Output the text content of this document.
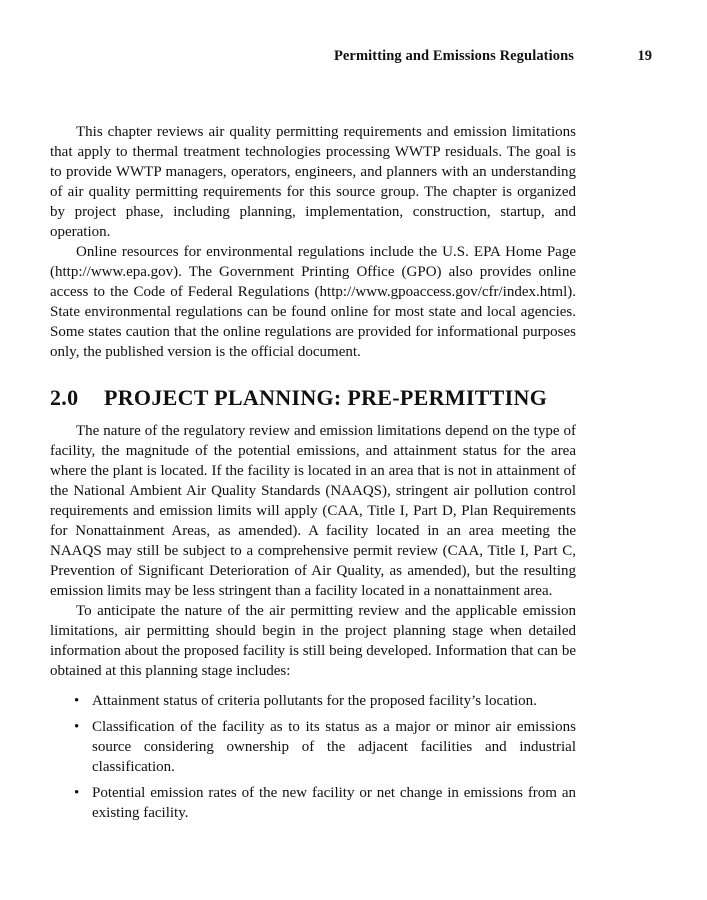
Permitting and Emissions Regulations	19

This chapter reviews air quality permitting requirements and emission limitations that apply to thermal treatment technologies processing WWTP residuals. The goal is to provide WWTP managers, operators, engineers, and planners with an understanding of air quality permitting requirements for this source group. The chapter is organized by project phase, including planning, implementation, construction, startup, and operation.

Online resources for environmental regulations include the U.S. EPA Home Page (http://www.epa.gov). The Government Printing Office (GPO) also provides online access to the Code of Federal Regulations (http://www.gpoaccess.gov/cfr/index.html). State environmental regulations can be found online for most state and local agencies. Some states caution that the online regulations are provided for informational purposes only, the published version is the official document.

2.0 PROJECT PLANNING: PRE-PERMITTING

The nature of the regulatory review and emission limitations depend on the type of facility, the magnitude of the potential emissions, and attainment status for the area where the plant is located. If the facility is located in an area that is not in attainment of the National Ambient Air Quality Standards (NAAQS), stringent air pollution control requirements and emission limits will apply (CAA, Title I, Part D, Plan Requirements for Nonattainment Areas, as amended). A facility located in an area meeting the NAAQS may still be subject to a comprehensive permit review (CAA, Title I, Part C, Prevention of Significant Deterioration of Air Quality, as amended), but the resulting emission limits may be less stringent than a facility located in a nonattainment area.

To anticipate the nature of the air permitting review and the applicable emission limitations, air permitting should begin in the project planning stage when detailed information about the proposed facility is still being developed. Information that can be obtained at this planning stage includes:

• Attainment status of criteria pollutants for the proposed facility’s location.
• Classification of the facility as to its status as a major or minor air emissions source considering ownership of the adjacent facilities and industrial classification.
• Potential emission rates of the new facility or net change in emissions from an existing facility.
